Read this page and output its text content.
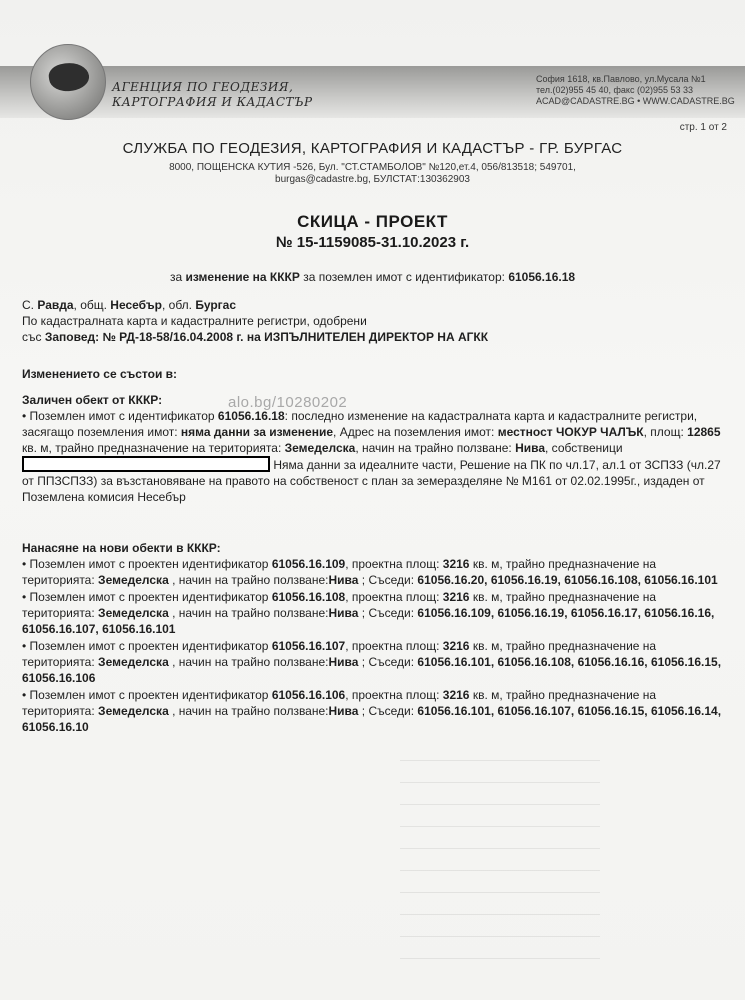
АГЕНЦИЯ ПО ГЕОДЕЗИЯ,
КАРТОГРАФИЯ И КАДАСТЪР
София 1618, кв.Павлово, ул.Мусала №1
тел.(02)955 45 40, факс (02)955 53 33
ACAD@CADASTRE.BG • WWW.CADASTRE.BG
стр. 1 от 2
СЛУЖБА ПО ГЕОДЕЗИЯ, КАРТОГРАФИЯ И КАДАСТЪР - ГР. БУРГАС
8000, ПОЩЕНСКА КУТИЯ -526, Бул. "СТ.СТАМБОЛОВ" №120,ет.4, 056/813518; 549701,
burgas@cadastre.bg, БУЛСТАТ:130362903
СКИЦА - ПРОЕКТ
№ 15-1159085-31.10.2023 г.
за изменение на КККР за поземлен имот с идентификатор: 61056.16.18

С. Равда, общ. Несебър, обл. Бургас

По кадастралната карта и кадастралните регистри, одобрени

със Заповед: № РД-18-58/16.04.2008 г. на ИЗПЪЛНИТЕЛЕН ДИРЕКТОР НА АГКК

Изменението се състои в:

Заличен обект от КККР:

• Поземлен имот с идентификатор 61056.16.18: последно изменение на кадастралната карта и кадастралните регистри, засягащо поземления имот: няма данни за изменение, Адрес на поземления имот: местност ЧОКУР ЧАЛЪК, площ: 12865 кв. м, трайно предназначение на територията: Земеделска, начин на трайно ползване: Нива, собственици  Няма данни за идеалните части, Решение на ПК по чл.17, ал.1 от ЗСПЗЗ (чл.27 от ППЗСПЗЗ) за възстановяване на правото на собственост с план за земеразделяне № М161 от 02.02.1995г., издаден от Поземлена комисия Несебър

alo.bg/10280202

Нанасяне на нови обекти в КККР:

• Поземлен имот с проектен идентификатор 61056.16.109, проектна площ: 3216 кв. м, трайно предназначение на територията: Земеделска , начин на трайно ползване:Нива ; Съседи: 61056.16.20, 61056.16.19, 61056.16.108, 61056.16.101

• Поземлен имот с проектен идентификатор 61056.16.108, проектна площ: 3216 кв. м, трайно предназначение на територията: Земеделска , начин на трайно ползване:Нива ; Съседи: 61056.16.109, 61056.16.19, 61056.16.17, 61056.16.16, 61056.16.107, 61056.16.101

• Поземлен имот с проектен идентификатор 61056.16.107, проектна площ: 3216 кв. м, трайно предназначение на територията: Земеделска , начин на трайно ползване:Нива ; Съседи: 61056.16.101, 61056.16.108, 61056.16.16, 61056.16.15, 61056.16.106

• Поземлен имот с проектен идентификатор 61056.16.106, проектна площ: 3216 кв. м, трайно предназначение на територията: Земеделска , начин на трайно ползване:Нива ; Съседи: 61056.16.101, 61056.16.107, 61056.16.15, 61056.16.14, 61056.16.10
